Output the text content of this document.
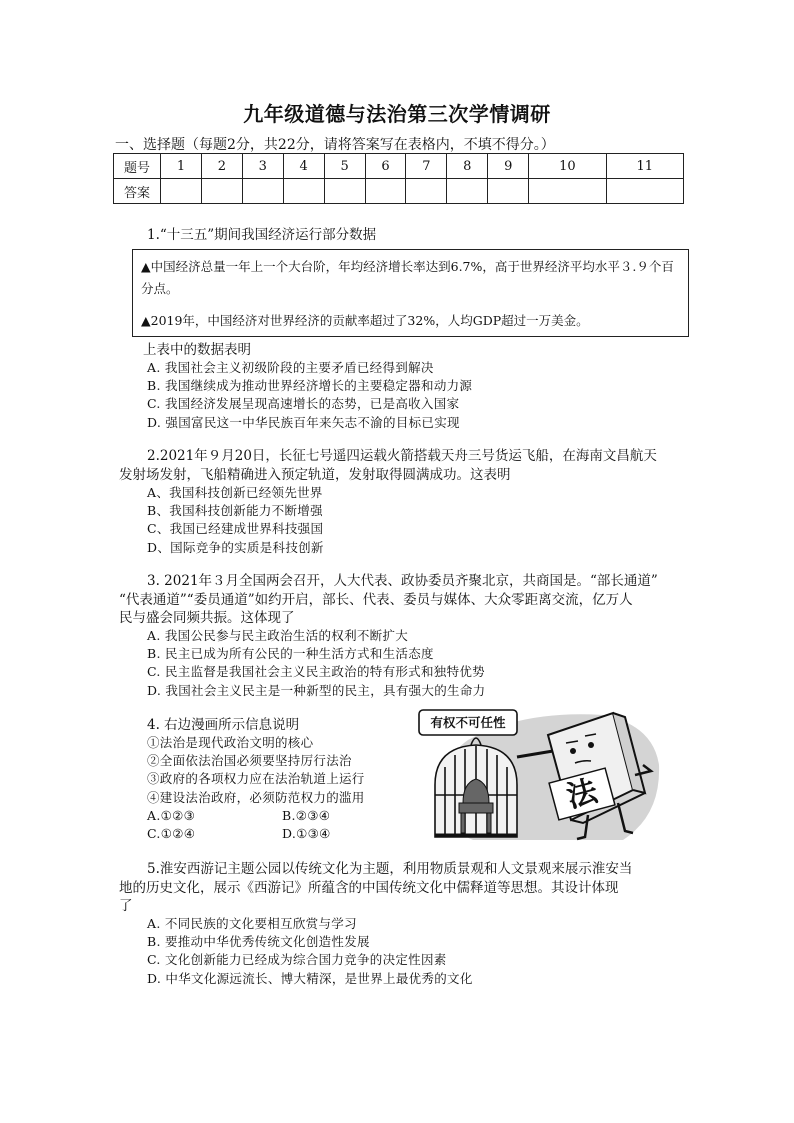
九年级道德与法治第三次学情调研
一、选择题（每题2分，共22分，请将答案写在表格内，不填不得分。）
题号	1	2	3	4	5	6	7	8	9	10	11
答案											
1.“十三五”期间我国经济运行部分数据

▲中国经济总量一年上一个大台阶，年均经济增长率达到6.7%，高于世界经济平均水平３.９个百分点。

▲2019年，中国经济对世界经济的贡献率超过了32%，人均GDP超过一万美金。

上表中的数据表明
A. 我国社会主义初级阶段的主要矛盾已经得到解决
B. 我国继续成为推动世界经济增长的主要稳定器和动力源
C. 我国经济发展呈现高速增长的态势，已是高收入国家
D. 强国富民这一中华民族百年来矢志不渝的目标已实现
2.2021年９月20日，长征七号遥四运载火箭搭载天舟三号货运飞船，在海南文昌航天
发射场发射，飞船精确进入预定轨道，发射取得圆满成功。这表明
A、我国科技创新已经领先世界
B、我国科技创新能力不断增强
C、我国已经建成世界科技强国
D、国际竞争的实质是科技创新
3. 2021年３月全国两会召开，人大代表、政协委员齐聚北京，共商国是。“部长通道”
“代表通道”“委员通道”如约开启，部长、代表、委员与媒体、大众零距离交流，亿万人
民与盛会同频共振。这体现了
A. 我国公民参与民主政治生活的权利不断扩大
B. 民主已成为所有公民的一种生活方式和生活态度
C. 民主监督是我国社会主义民主政治的特有形式和独特优势
D. 我国社会主义民主是一种新型的民主，具有强大的生命力
4. 右边漫画所示信息说明
①法治是现代政治文明的核心
②全面依法治国必须要坚持厉行法治
③政府的各项权力应在法治轨道上运行
④建设法治政府，必须防范权力的滥用
A.①②③	B.②③④
C.①②④	D.①③④
有权不可任性
法
5.淮安西游记主题公园以传统文化为主题，利用物质景观和人文景观来展示淮安当
地的历史文化，展示《西游记》所蕴含的中国传统文化中儒释道等思想。其设计体现
了
A. 不同民族的文化要相互欣赏与学习
B. 要推动中华优秀传统文化创造性发展
C. 文化创新能力已经成为综合国力竞争的决定性因素
D. 中华文化源远流长、博大精深，是世界上最优秀的文化
